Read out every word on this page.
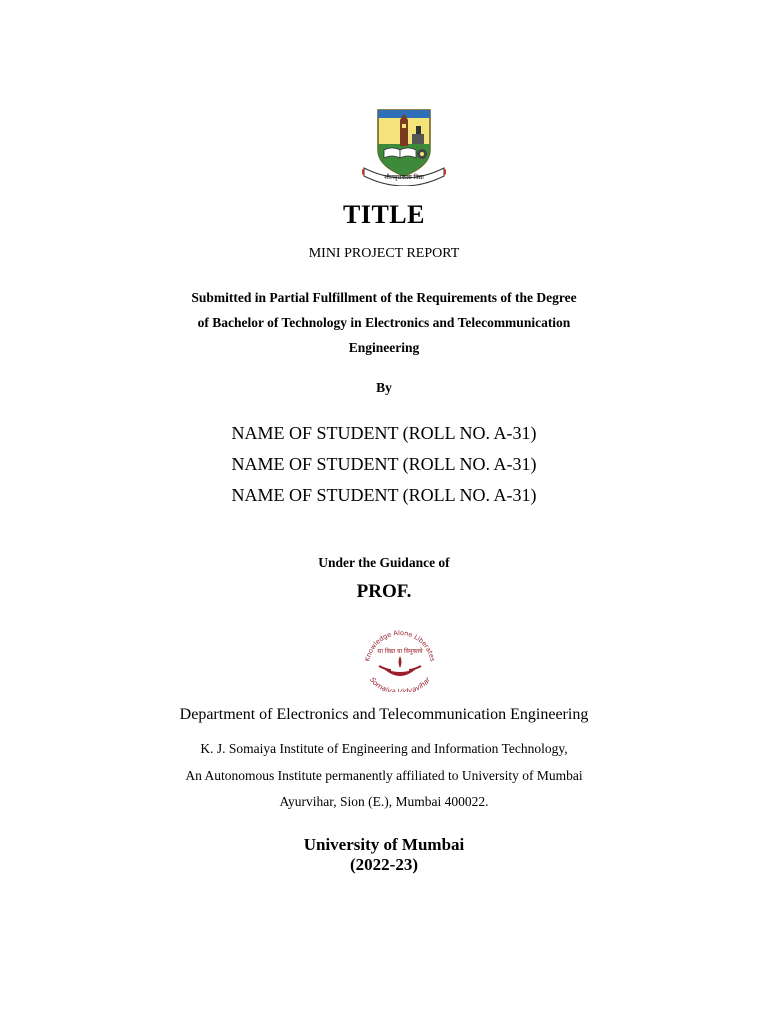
शीलवृत्तफला विद्या
TITLE
MINI PROJECT REPORT
Submitted in Partial Fulfillment of the Requirements of the Degree
of Bachelor of Technology in Electronics and Telecommunication
Engineering
By
NAME OF STUDENT (ROLL NO. A-31)
NAME OF STUDENT (ROLL NO. A-31)
NAME OF STUDENT (ROLL NO. A-31)
Under the Guidance of
PROF.
Knowledge Alone Liberates
सा विद्या या विमुक्तये
Somaiya Vidyavihar
Department of Electronics and Telecommunication Engineering
K. J. Somaiya Institute of Engineering and Information Technology,
An Autonomous Institute permanently affiliated to University of Mumbai
Ayurvihar, Sion (E.), Mumbai 400022.
University of Mumbai
(2022-23)
